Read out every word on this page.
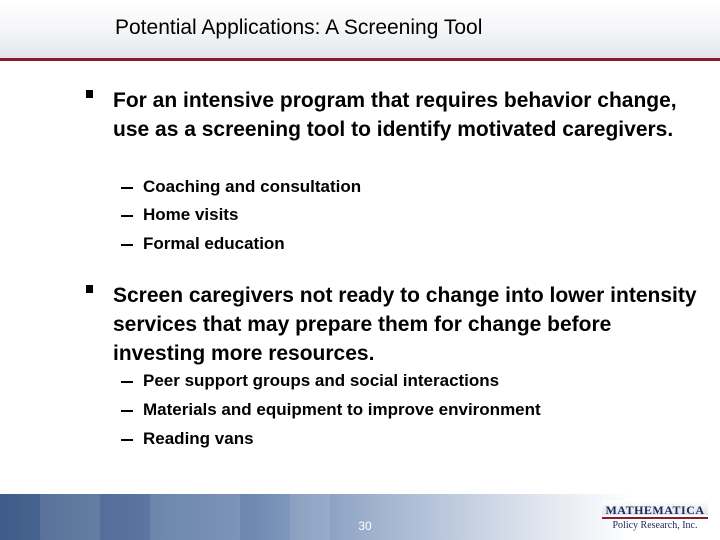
Potential Applications: A Screening Tool
For an intensive program that requires behavior change, use as a screening tool to identify motivated caregivers.
Coaching and consultation
Home visits
Formal education
Screen caregivers not ready to change into lower intensity services that may prepare them for change before investing more resources.
Peer support groups and social interactions
Materials and equipment to improve environment
Reading vans
30
MATHEMATICA
Policy Research, Inc.
